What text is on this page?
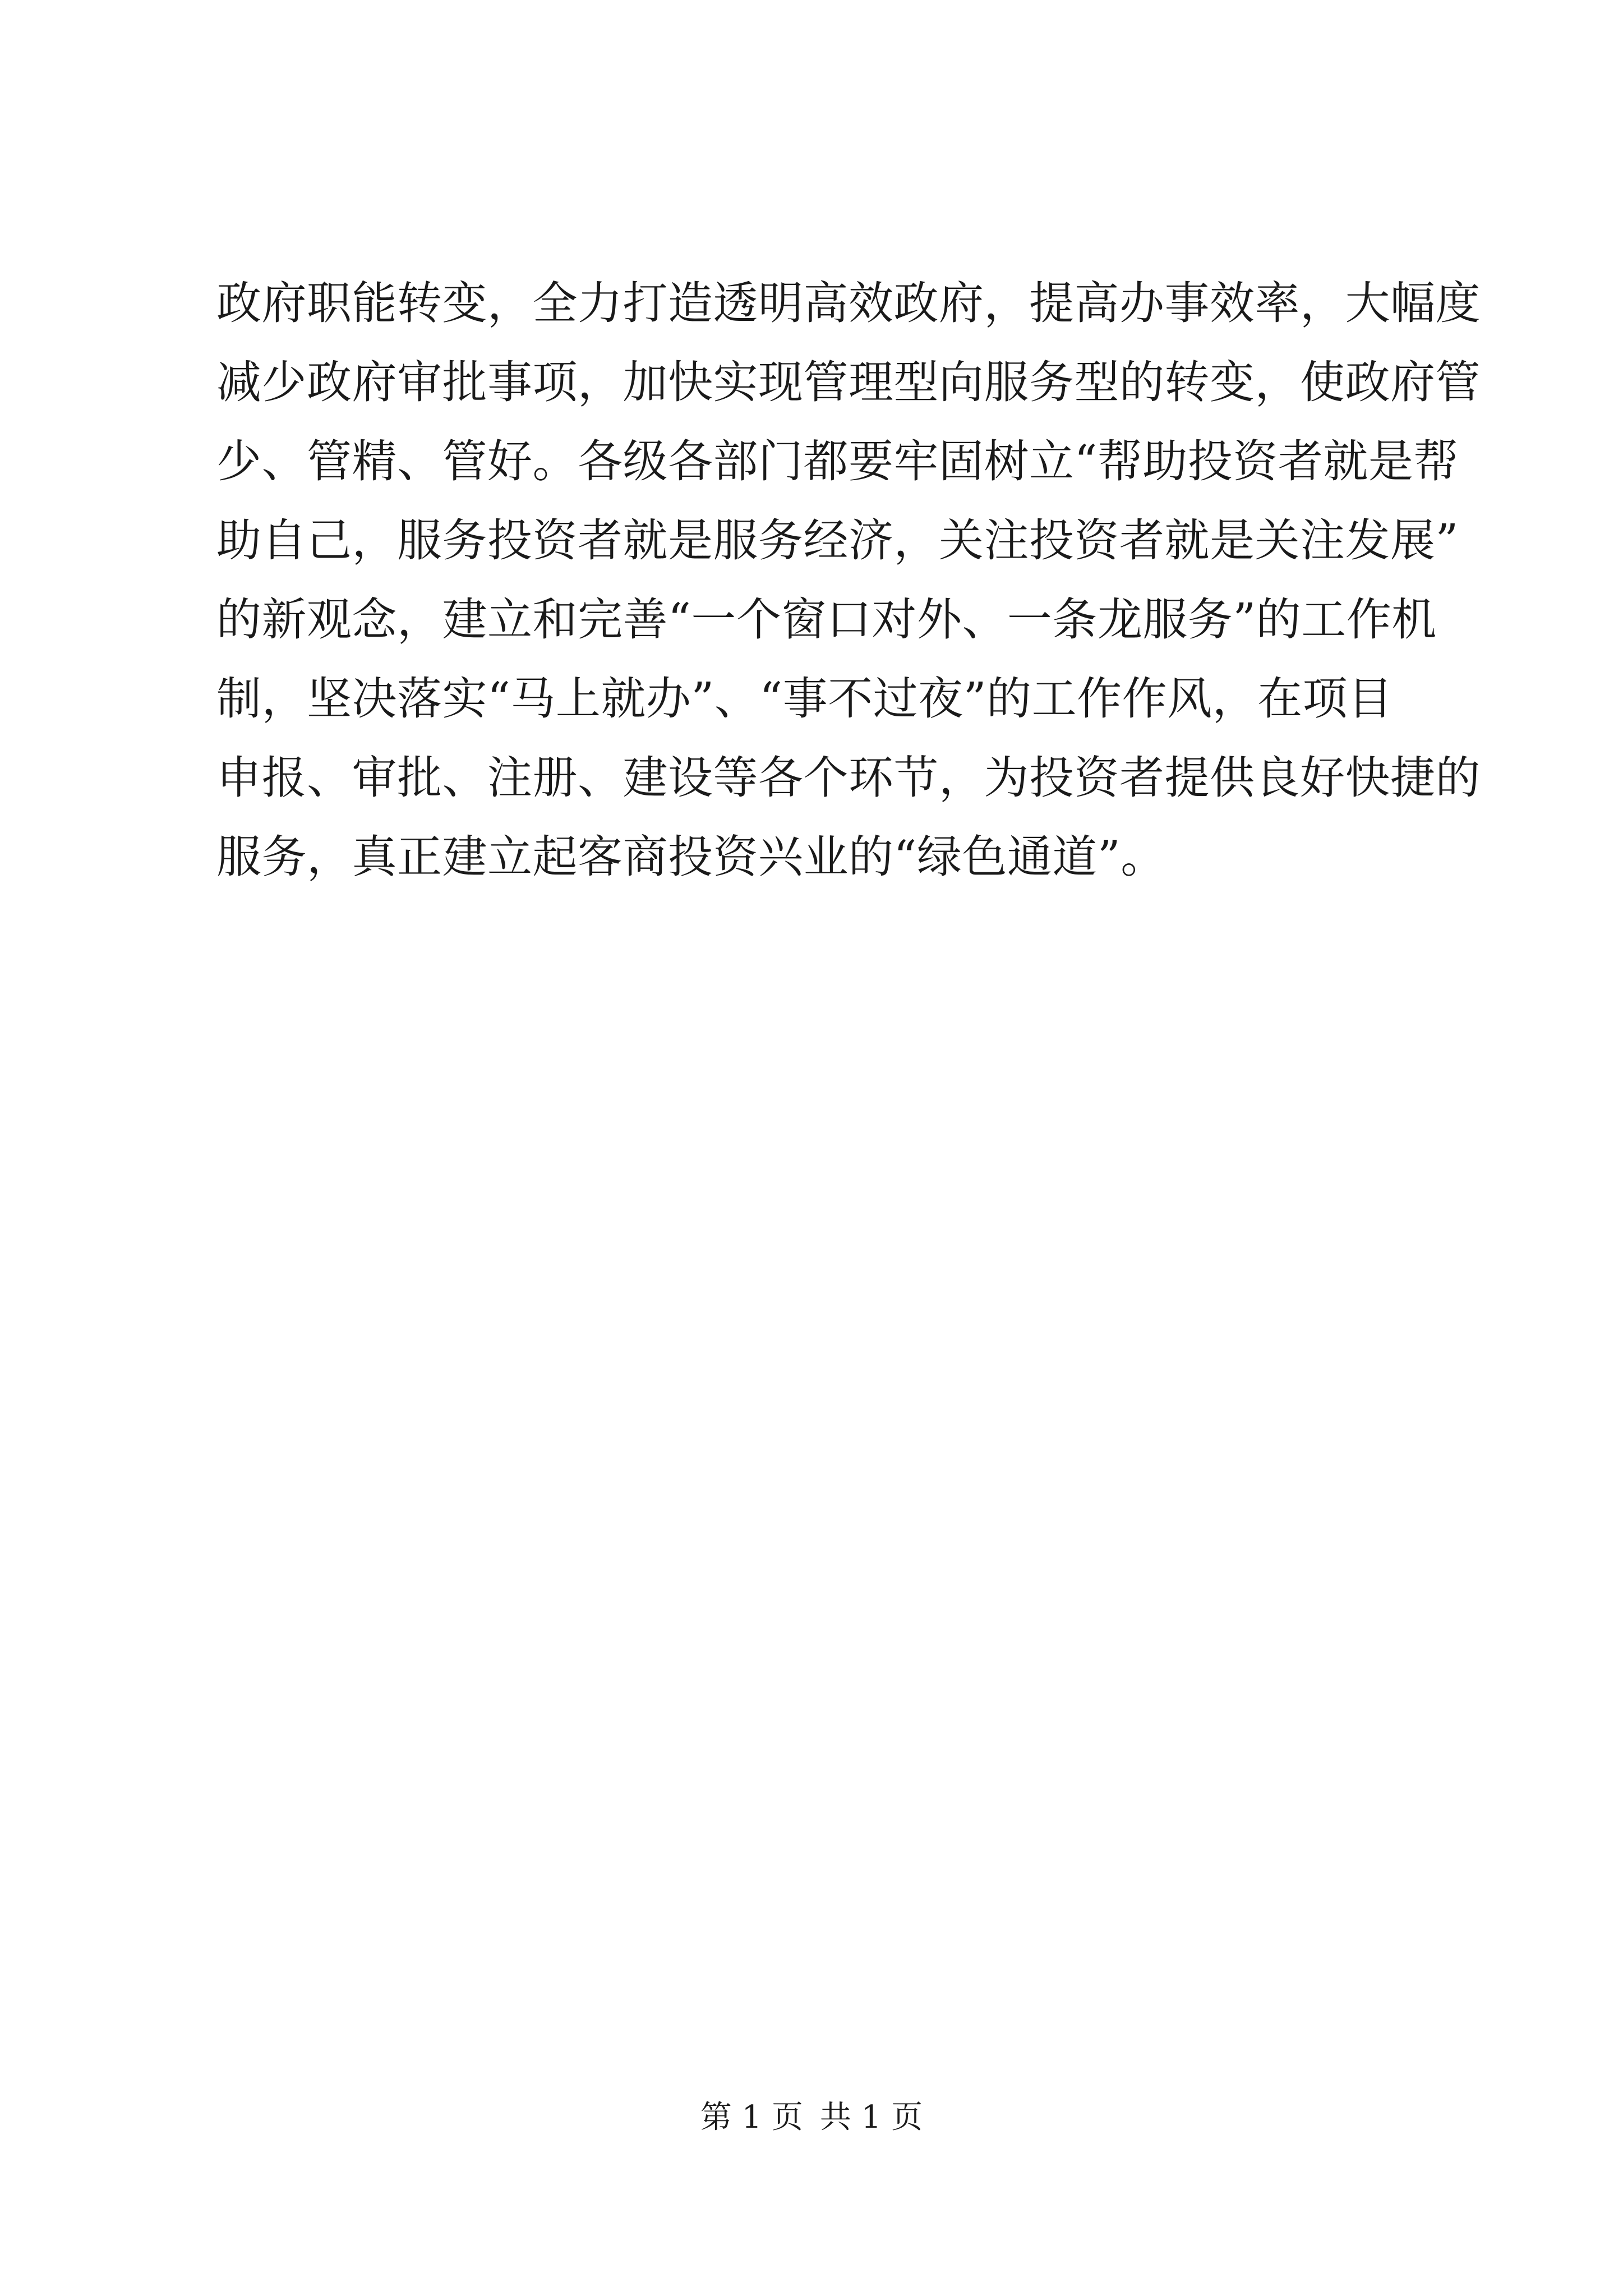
政府职能转变，全力打造透明高效政府，提高办事效率，大幅度
减少政府审批事项，加快实现管理型向服务型的转变，使政府管
少、管精、管好。各级各部门都要牢固树立“帮助投资者就是帮
助自己，服务投资者就是服务经济，关注投资者就是关注发展”
的新观念，建立和完善“一个窗口对外、一条龙服务”的工作机
制，坚决落实“马上就办”、“事不过夜”的工作作风，在项目
申报、审批、注册、建设等各个环节，为投资者提供良好快捷的
服务，真正建立起客商投资兴业的“绿色通道”。
第 1 页 共 1 页
